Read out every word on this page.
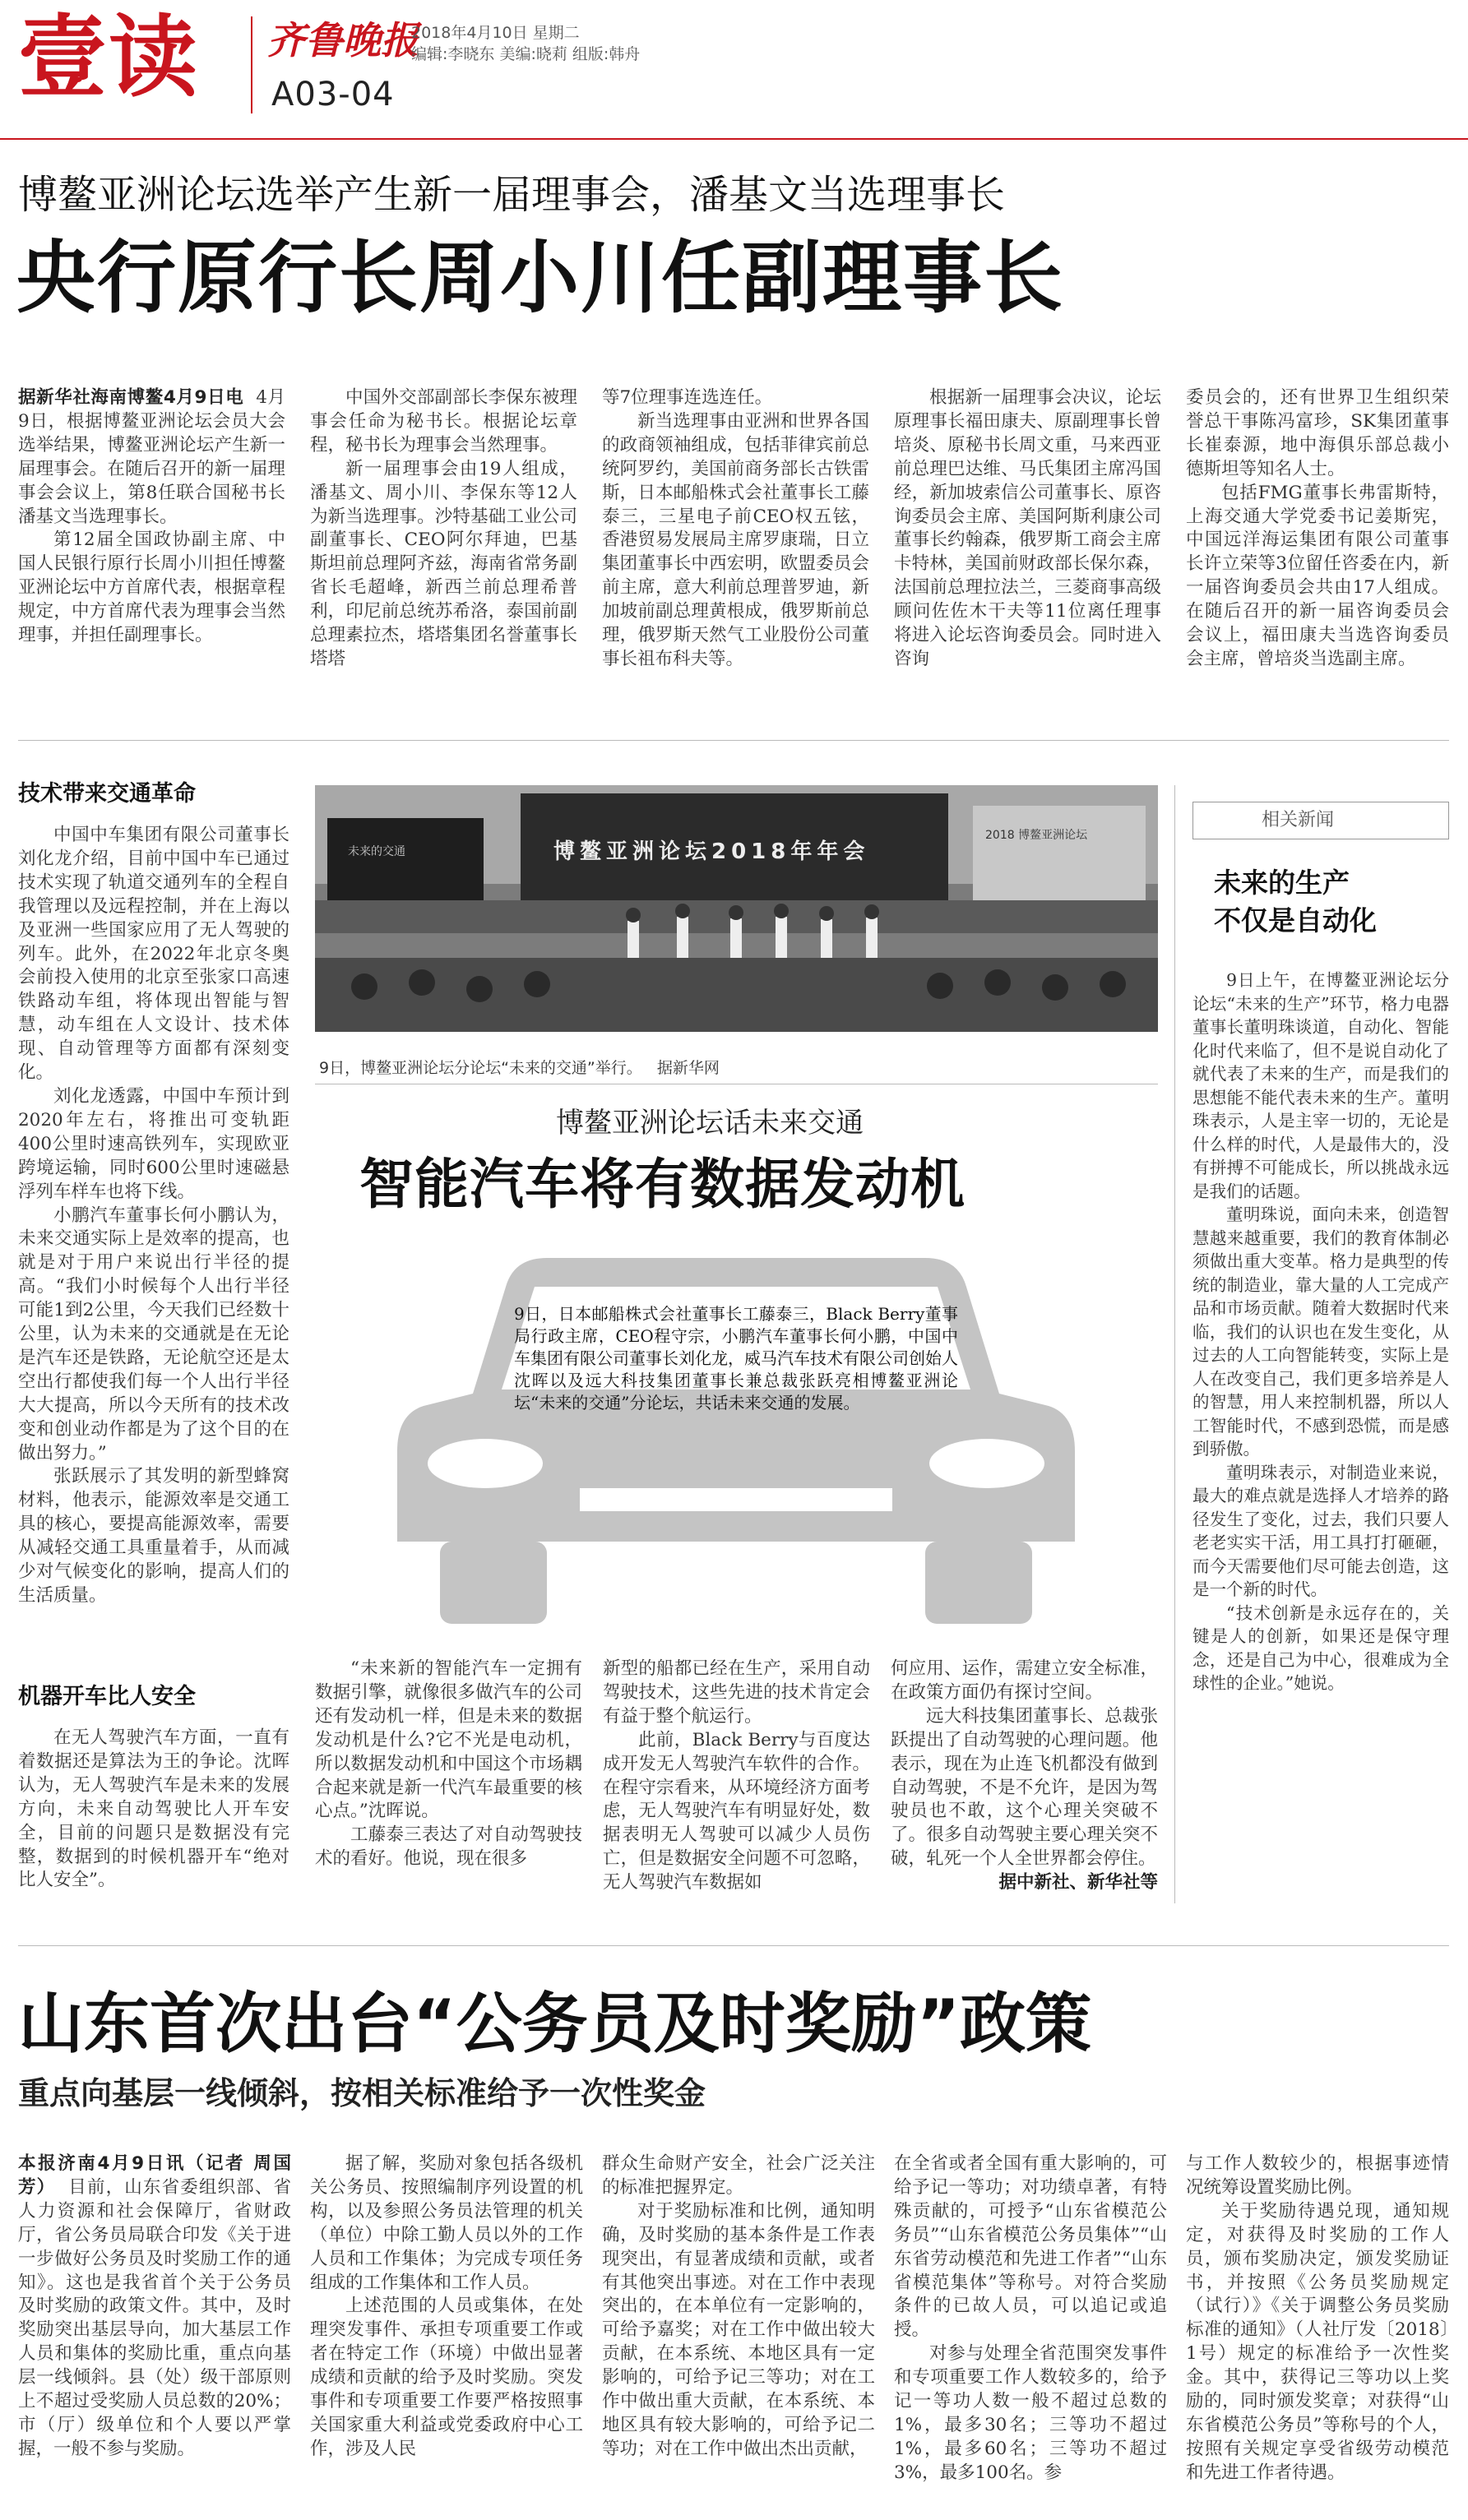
壹读 齐鲁晚报
2018年4月10日 星期二
编辑:李晓东 美编:晓莉 组版:韩舟
A03-04
博鳌亚洲论坛选举产生新一届理事会，潘基文当选理事长
央行原行长周小川任副理事长

据新华社海南博鳌4月9日电 4月9日，根据博鳌亚洲论坛会员大会选举结果，博鳌亚洲论坛产生新一届理事会。在随后召开的新一届理事会会议上，第8任联合国秘书长潘基文当选理事长。

第12届全国政协副主席、中国人民银行原行长周小川担任博鳌亚洲论坛中方首席代表，根据章程规定，中方首席代表为理事会当然理事，并担任副理事长。

中国外交部副部长李保东被理事会任命为秘书长。根据论坛章程，秘书长为理事会当然理事。

新一届理事会由19人组成，潘基文、周小川、李保东等12人为新当选理事。沙特基础工业公司副董事长、CEO阿尔拜迪，巴基斯坦前总理阿齐兹，海南省常务副省长毛超峰，新西兰前总理希普利，印尼前总统苏希洛，泰国前副总理素拉杰，塔塔集团名誉董事长塔塔

等7位理事连选连任。

新当选理事由亚洲和世界各国的政商领袖组成，包括菲律宾前总统阿罗约，美国前商务部长古铁雷斯，日本邮船株式会社董事长工藤泰三，三星电子前CEO权五铉，香港贸易发展局主席罗康瑞，日立集团董事长中西宏明，欧盟委员会前主席，意大利前总理普罗迪，新加坡前副总理黄根成，俄罗斯前总理，俄罗斯天然气工业股份公司董事长祖布科夫等。

根据新一届理事会决议，论坛原理事长福田康夫、原副理事长曾培炎、原秘书长周文重，马来西亚前总理巴达维、马氏集团主席冯国经，新加坡索信公司董事长、原咨询委员会主席、美国阿斯利康公司董事长约翰森，俄罗斯工商会主席卡特林，美国前财政部长保尔森，法国前总理拉法兰，三菱商事高级顾问佐佐木干夫等11位离任理事将进入论坛咨询委员会。同时进入咨询

委员会的，还有世界卫生组织荣誉总干事陈冯富珍，SK集团董事长崔泰源，地中海俱乐部总裁小德斯坦等知名人士。

包括FMG董事长弗雷斯特，上海交通大学党委书记姜斯宪，中国远洋海运集团有限公司董事长许立荣等3位留任咨委在内，新一届咨询委员会共由17人组成。在随后召开的新一届咨询委员会会议上，福田康夫当选咨询委员会主席，曾培炎当选副主席。

技术带来交通革命

中国中车集团有限公司董事长刘化龙介绍，目前中国中车已通过技术实现了轨道交通列车的全程自我管理以及远程控制，并在上海以及亚洲一些国家应用了无人驾驶的列车。此外，在2022年北京冬奥会前投入使用的北京至张家口高速铁路动车组，将体现出智能与智慧，动车组在人文设计、技术体现、自动管理等方面都有深刻变化。

刘化龙透露，中国中车预计到2020年左右，将推出可变轨距400公里时速高铁列车，实现欧亚跨境运输，同时600公里时速磁悬浮列车样车也将下线。

小鹏汽车董事长何小鹏认为，未来交通实际上是效率的提高，也就是对于用户来说出行半径的提高。“我们小时候每个人出行半径可能1到2公里，今天我们已经数十公里，认为未来的交通就是在无论是汽车还是铁路，无论航空还是太空出行都使我们每一个人出行半径大大提高，所以今天所有的技术改变和创业动作都是为了这个目的在做出努力。”

张跃展示了其发明的新型蜂窝材料，他表示，能源效率是交通工具的核心，要提高能源效率，需要从减轻交通工具重量着手，从而减少对气候变化的影响，提高人们的生活质量。

机器开车比人安全

在无人驾驶汽车方面，一直有着数据还是算法为王的争论。沈晖认为，无人驾驶汽车是未来的发展方向，未来自动驾驶比人开车安全，目前的问题只是数据没有完整，数据到的时候机器开车“绝对比人安全”。

博鳌亚洲论坛2018年年会
未来的交通
2018 博鳌亚洲论坛
9日，博鳌亚洲论坛分论坛“未来的交通”举行。 据新华网
博鳌亚洲论坛话未来交通
智能汽车将有数据发动机
9日，日本邮船株式会社董事长工藤泰三，Black Berry董事局行政主席，CEO程守宗，小鹏汽车董事长何小鹏，中国中车集团有限公司董事长刘化龙，威马汽车技术有限公司创始人沈晖以及远大科技集团董事长兼总裁张跃亮相博鳌亚洲论坛“未来的交通”分论坛，共话未来交通的发展。

“未来新的智能汽车一定拥有数据引擎，就像很多做汽车的公司还有发动机一样，但是未来的数据发动机是什么?它不光是电动机，所以数据发动机和中国这个市场耦合起来就是新一代汽车最重要的核心点。”沈晖说。

工藤泰三表达了对自动驾驶技术的看好。他说，现在很多

新型的船都已经在生产，采用自动驾驶技术，这些先进的技术肯定会有益于整个航运行。

此前，Black Berry与百度达成开发无人驾驶汽车软件的合作。在程守宗看来，从环境经济方面考虑，无人驾驶汽车有明显好处，数据表明无人驾驶可以减少人员伤亡，但是数据安全问题不可忽略，无人驾驶汽车数据如

何应用、运作，需建立安全标准，在政策方面仍有探讨空间。

远大科技集团董事长、总裁张跃提出了自动驾驶的心理问题。他表示，现在为止连飞机都没有做到自动驾驶，不是不允许，是因为驾驶员也不敢，这个心理关突破不了。很多自动驾驶主要心理关突不破，轧死一个人全世界都会停住。

据中新社、新华社等

相关新闻
未来的生产
不仅是自动化

9日上午，在博鳌亚洲论坛分论坛“未来的生产”环节，格力电器董事长董明珠谈道，自动化、智能化时代来临了，但不是说自动化了就代表了未来的生产，而是我们的思想能不能代表未来的生产。董明珠表示，人是主宰一切的，无论是什么样的时代，人是最伟大的，没有拼搏不可能成长，所以挑战永远是我们的话题。

董明珠说，面向未来，创造智慧越来越重要，我们的教育体制必须做出重大变革。格力是典型的传统的制造业，靠大量的人工完成产品和市场贡献。随着大数据时代来临，我们的认识也在发生变化，从过去的人工向智能转变，实际上是人在改变自己，我们更多培养是人的智慧，用人来控制机器，所以人工智能时代，不感到恐慌，而是感到骄傲。

董明珠表示，对制造业来说，最大的难点就是选择人才培养的路径发生了变化，过去，我们只要人老老实实干活，用工具打打砸砸，而今天需要他们尽可能去创造，这是一个新的时代。

“技术创新是永远存在的，关键是人的创新，如果还是保守理念，还是自己为中心，很难成为全球性的企业。”她说。

山东首次出台“公务员及时奖励”政策
重点向基层一线倾斜，按相关标准给予一次性奖金

本报济南4月9日讯（记者 周国芳） 目前，山东省委组织部、省人力资源和社会保障厅，省财政厅，省公务员局联合印发《关于进一步做好公务员及时奖励工作的通知》。这也是我省首个关于公务员及时奖励的政策文件。其中，及时奖励突出基层导向，加大基层工作人员和集体的奖励比重，重点向基层一线倾斜。县（处）级干部原则上不超过受奖励人员总数的20%；市（厅）级单位和个人要以严掌握，一般不参与奖励。

据了解，奖励对象包括各级机关公务员、按照编制序列设置的机构，以及参照公务员法管理的机关（单位）中除工勤人员以外的工作人员和工作集体；为完成专项任务组成的工作集体和工作人员。

上述范围的人员或集体，在处理突发事件、承担专项重要工作或者在特定工作（环境）中做出显著成绩和贡献的给予及时奖励。突发事件和专项重要工作要严格按照事关国家重大利益或党委政府中心工作，涉及人民

群众生命财产安全，社会广泛关注的标准把握界定。

对于奖励标准和比例，通知明确，及时奖励的基本条件是工作表现突出，有显著成绩和贡献，或者有其他突出事迹。对在工作中表现突出的，在本单位有一定影响的，可给予嘉奖；对在工作中做出较大贡献，在本系统、本地区具有一定影响的，可给予记三等功；对在工作中做出重大贡献，在本系统、本地区具有较大影响的，可给予记二等功；对在工作中做出杰出贡献，

在全省或者全国有重大影响的，可给予记一等功；对功绩卓著，有特殊贡献的，可授予“山东省模范公务员”“山东省模范公务员集体”“山东省劳动模范和先进工作者”“山东省模范集体”等称号。对符合奖励条件的已故人员，可以追记或追授。

对参与处理全省范围突发事件和专项重要工作人数较多的，给予记一等功人数一般不超过总数的1%，最多30名；三等功不超过1%，最多60名；三等功不超过3%，最多100名。参

与工作人数较少的，根据事迹情况统筹设置奖励比例。

关于奖励待遇兑现，通知规定，对获得及时奖励的工作人员，颁布奖励决定，颁发奖励证书，并按照《公务员奖励规定（试行）》《关于调整公务员奖励标准的通知》（人社厅发〔2018〕1号）规定的标准给予一次性奖金。其中，获得记三等功以上奖励的，同时颁发奖章；对获得“山东省模范公务员”等称号的个人，按照有关规定享受省级劳动模范和先进工作者待遇。
